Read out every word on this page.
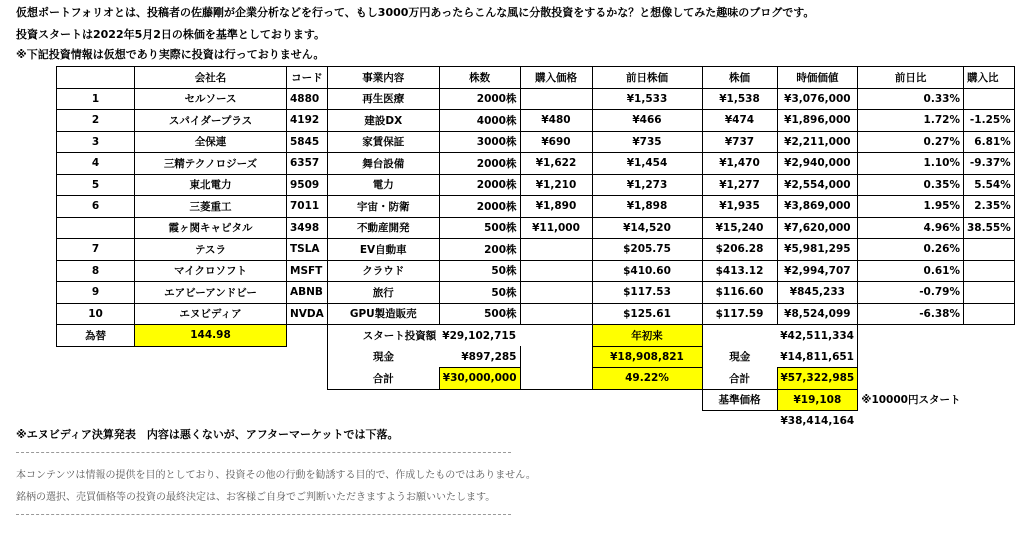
仮想ポートフォリオとは、投稿者の佐藤剛が企業分析などを行って、もし3000万円あったらこんな風に分散投資をするかな？と想像してみた趣味のブログです。
投資スタートは2022年5月2日の株価を基準としております。
※下記投資情報は仮想であり実際に投資は行っておりません。
	会社名	コード	事業内容	株数	購入価格	前日株価	株価	時価価値	前日比	購入比
1	セルソース	4880	再生医療	2000株		¥1,533	¥1,538	¥3,076,000	0.33%	
2	スパイダープラス	4192	建設DX	4000株	¥480	¥466	¥474	¥1,896,000	1.72%	-1.25%
3	全保連	5845	家賃保証	3000株	¥690	¥735	¥737	¥2,211,000	0.27%	6.81%
4	三精テクノロジーズ	6357	舞台設備	2000株	¥1,622	¥1,454	¥1,470	¥2,940,000	1.10%	-9.37%
5	東北電力	9509	電力	2000株	¥1,210	¥1,273	¥1,277	¥2,554,000	0.35%	5.54%
6	三菱重工	7011	宇宙・防衛	2000株	¥1,890	¥1,898	¥1,935	¥3,869,000	1.95%	2.35%
	霞ヶ関キャピタル	3498	不動産開発	500株	¥11,000	¥14,520	¥15,240	¥7,620,000	4.96%	38.55%
7	テスラ	TSLA	EV自動車	200株		$205.75	$206.28	¥5,981,295	0.26%	
8	マイクロソフト	MSFT	クラウド	50株		$410.60	$413.12	¥2,994,707	0.61%	
9	エアビーアンドビー	ABNB	旅行	50株		$117.53	$116.60	¥845,233	-0.79%	
10	エヌビディア	NVDA	GPU製造販売	500株		$125.61	$117.59	¥8,524,099	-6.38%	
為替	144.98		スタート投資額	¥29,102,715		年初来		¥42,511,334		
			現金	¥897,285		¥18,908,821	現金	¥14,811,651		
			合計	¥30,000,000		49.22%	合計	¥57,322,985		
							基準価格	¥19,108	※10000円スタート	
								¥38,414,164		
※エヌビディア決算発表　内容は悪くないが、アフターマーケットでは下落。
本コンテンツは情報の提供を目的としており、投資その他の行動を勧誘する目的で、作成したものではありません。
銘柄の選択、売買価格等の投資の最終決定は、お客様ご自身でご判断いただきますようお願いいたします。
